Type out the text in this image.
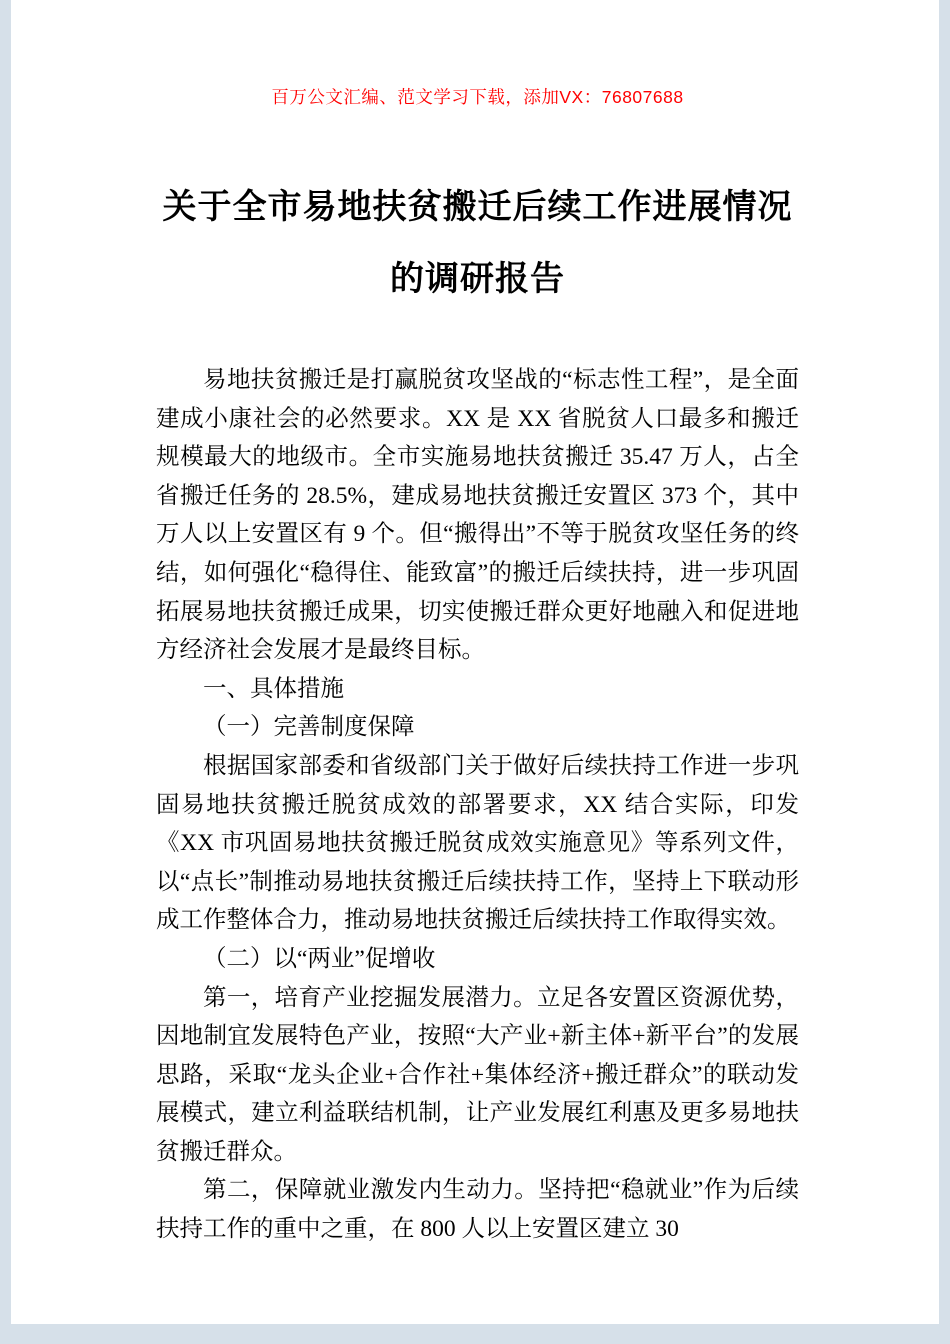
百万公文汇编、范文学习下载，添加VX：76807688
关于全市易地扶贫搬迁后续工作进展情况
的调研报告

易地扶贫搬迁是打赢脱贫攻坚战的“标志性工程”，是全面建成小康社会的必然要求。XX 是 XX 省脱贫人口最多和搬迁规模最大的地级市。全市实施易地扶贫搬迁 35.47 万人，占全省搬迁任务的 28.5%，建成易地扶贫搬迁安置区 373 个，其中万人以上安置区有 9 个。但“搬得出”不等于脱贫攻坚任务的终结，如何强化“稳得住、能致富”的搬迁后续扶持，进一步巩固拓展易地扶贫搬迁成果，切实使搬迁群众更好地融入和促进地方经济社会发展才是最终目标。

一、具体措施

（一）完善制度保障

根据国家部委和省级部门关于做好后续扶持工作进一步巩固易地扶贫搬迁脱贫成效的部署要求，XX 结合实际，印发《XX 市巩固易地扶贫搬迁脱贫成效实施意见》等系列文件，以“点长”制推动易地扶贫搬迁后续扶持工作，坚持上下联动形成工作整体合力，推动易地扶贫搬迁后续扶持工作取得实效。

（二）以“两业”促增收

第一，培育产业挖掘发展潜力。立足各安置区资源优势，因地制宜发展特色产业，按照“大产业+新主体+新平台”的发展思路，采取“龙头企业+合作社+集体经济+搬迁群众”的联动发展模式，建立利益联结机制，让产业发展红利惠及更多易地扶贫搬迁群众。

第二，保障就业激发内生动力。坚持把“稳就业”作为后续扶持工作的重中之重，在 800 人以上安置区建立 30
